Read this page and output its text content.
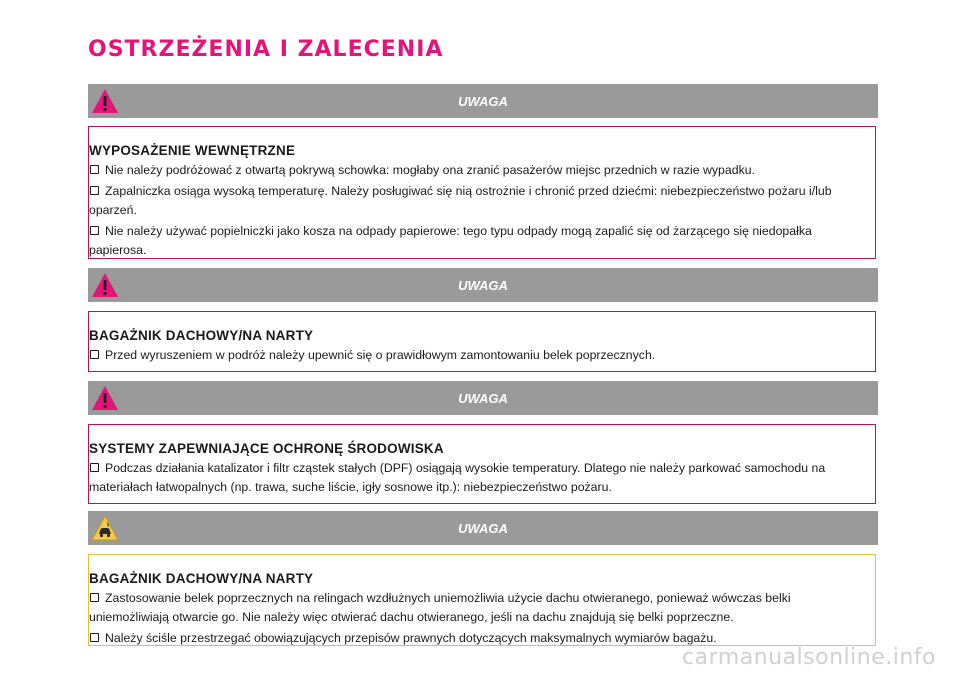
OSTRZEŻENIA I ZALECENIA
UWAGA
WYPOSAŻENIE WEWNĘTRZNE

Nie należy podróżować z otwartą pokrywą schowka: mogłaby ona zranić pasażerów miejsc przednich w razie wypadku.

Zapalniczka osiąga wysoką temperaturę. Należy posługiwać się nią ostrożnie i chronić przed dziećmi: niebezpieczeństwo pożaru i/lub oparzeń.

Nie należy używać popielniczki jako kosza na odpady papierowe: tego typu odpady mogą zapalić się od żarzącego się niedopałka papierosa.

UWAGA
BAGAŻNIK DACHOWY/NA NARTY

Przed wyruszeniem w podróż należy upewnić się o prawidłowym zamontowaniu belek poprzecznych.

UWAGA
SYSTEMY ZAPEWNIAJĄCE OCHRONĘ ŚRODOWISKA

Podczas działania katalizator i filtr cząstek stałych (DPF) osiągają wysokie temperatury. Dlatego nie należy parkować samochodu na materiałach łatwopalnych (np. trawa, suche liście, igły sosnowe itp.): niebezpieczeństwo pożaru.

UWAGA
BAGAŻNIK DACHOWY/NA NARTY

Zastosowanie belek poprzecznych na relingach wzdłużnych uniemożliwia użycie dachu otwieranego, ponieważ wówczas belki uniemożliwiają otwarcie go. Nie należy więc otwierać dachu otwieranego, jeśli na dachu znajdują się belki poprzeczne.

Należy ściśle przestrzegać obowiązujących przepisów prawnych dotyczących maksymalnych wymiarów bagażu.

carmanualsonline.info
